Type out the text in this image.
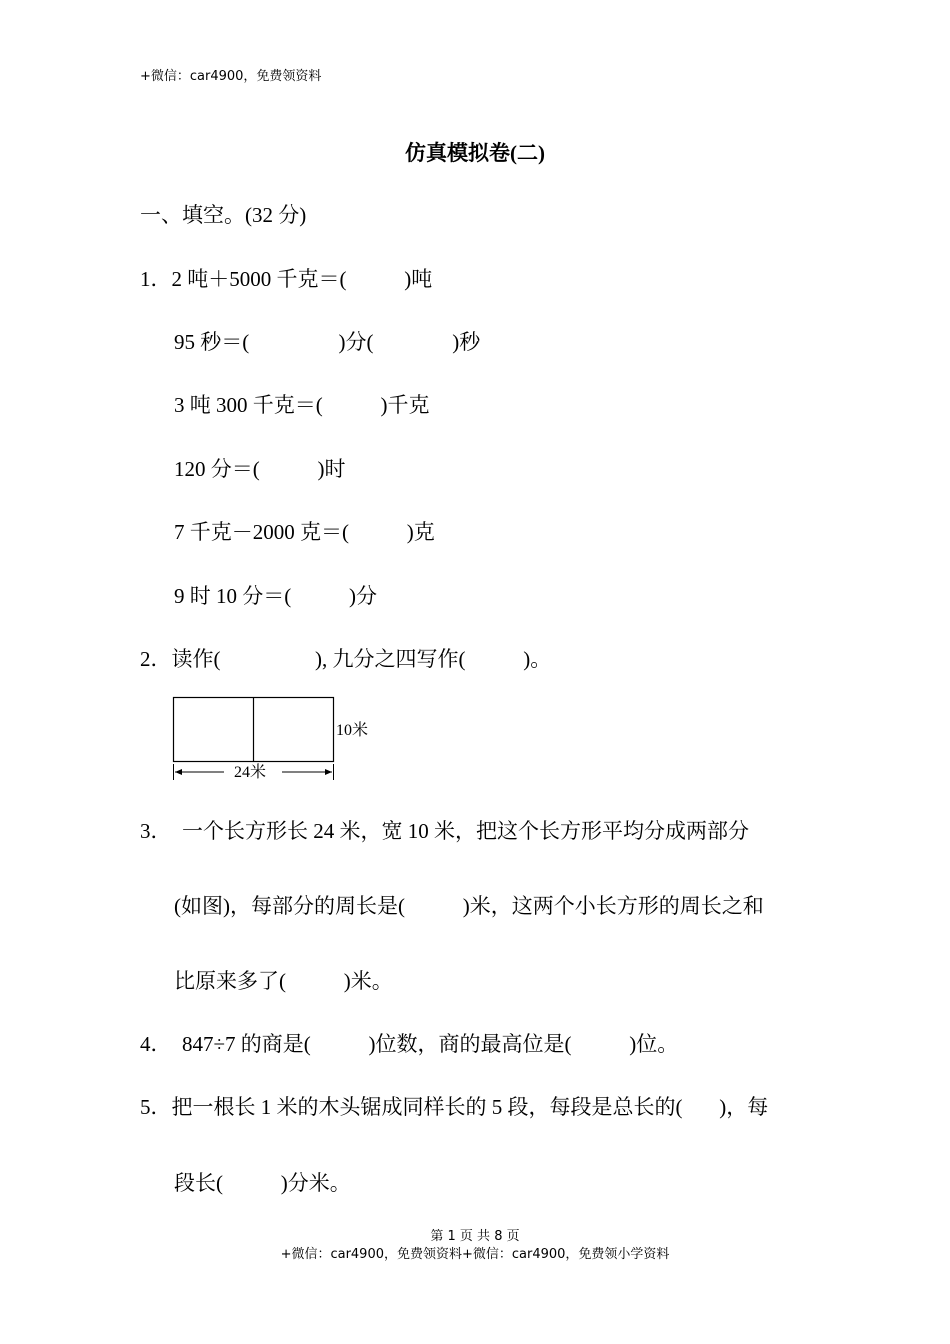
+微信：car4900，免费领资料
仿真模拟卷(二)
一、填空。(32 分)
1．2 吨＋5000 千克＝(           )吨
95 秒＝(                 )分(               )秒
3 吨 300 千克＝(           )千克
120 分＝(           )时
7 千克－2000 克＝(           )克
9 时 10 分＝(           )分
2．读作(                  ), 九分之四写作(           )。
24米
10米
3．  一个长方形长 24 米，宽 10 米，把这个长方形平均分成两部分
(如图)，每部分的周长是(           )米，这两个小长方形的周长之和
比原来多了(           )米。
4．  847÷7 的商是(           )位数，商的最高位是(           )位。
5．把一根长 1 米的木头锯成同样长的 5 段，每段是总长的(       )，每
段长(           )分米。
第 1 页 共 8 页
+微信：car4900，免费领资料+微信：car4900，免费领小学资料
